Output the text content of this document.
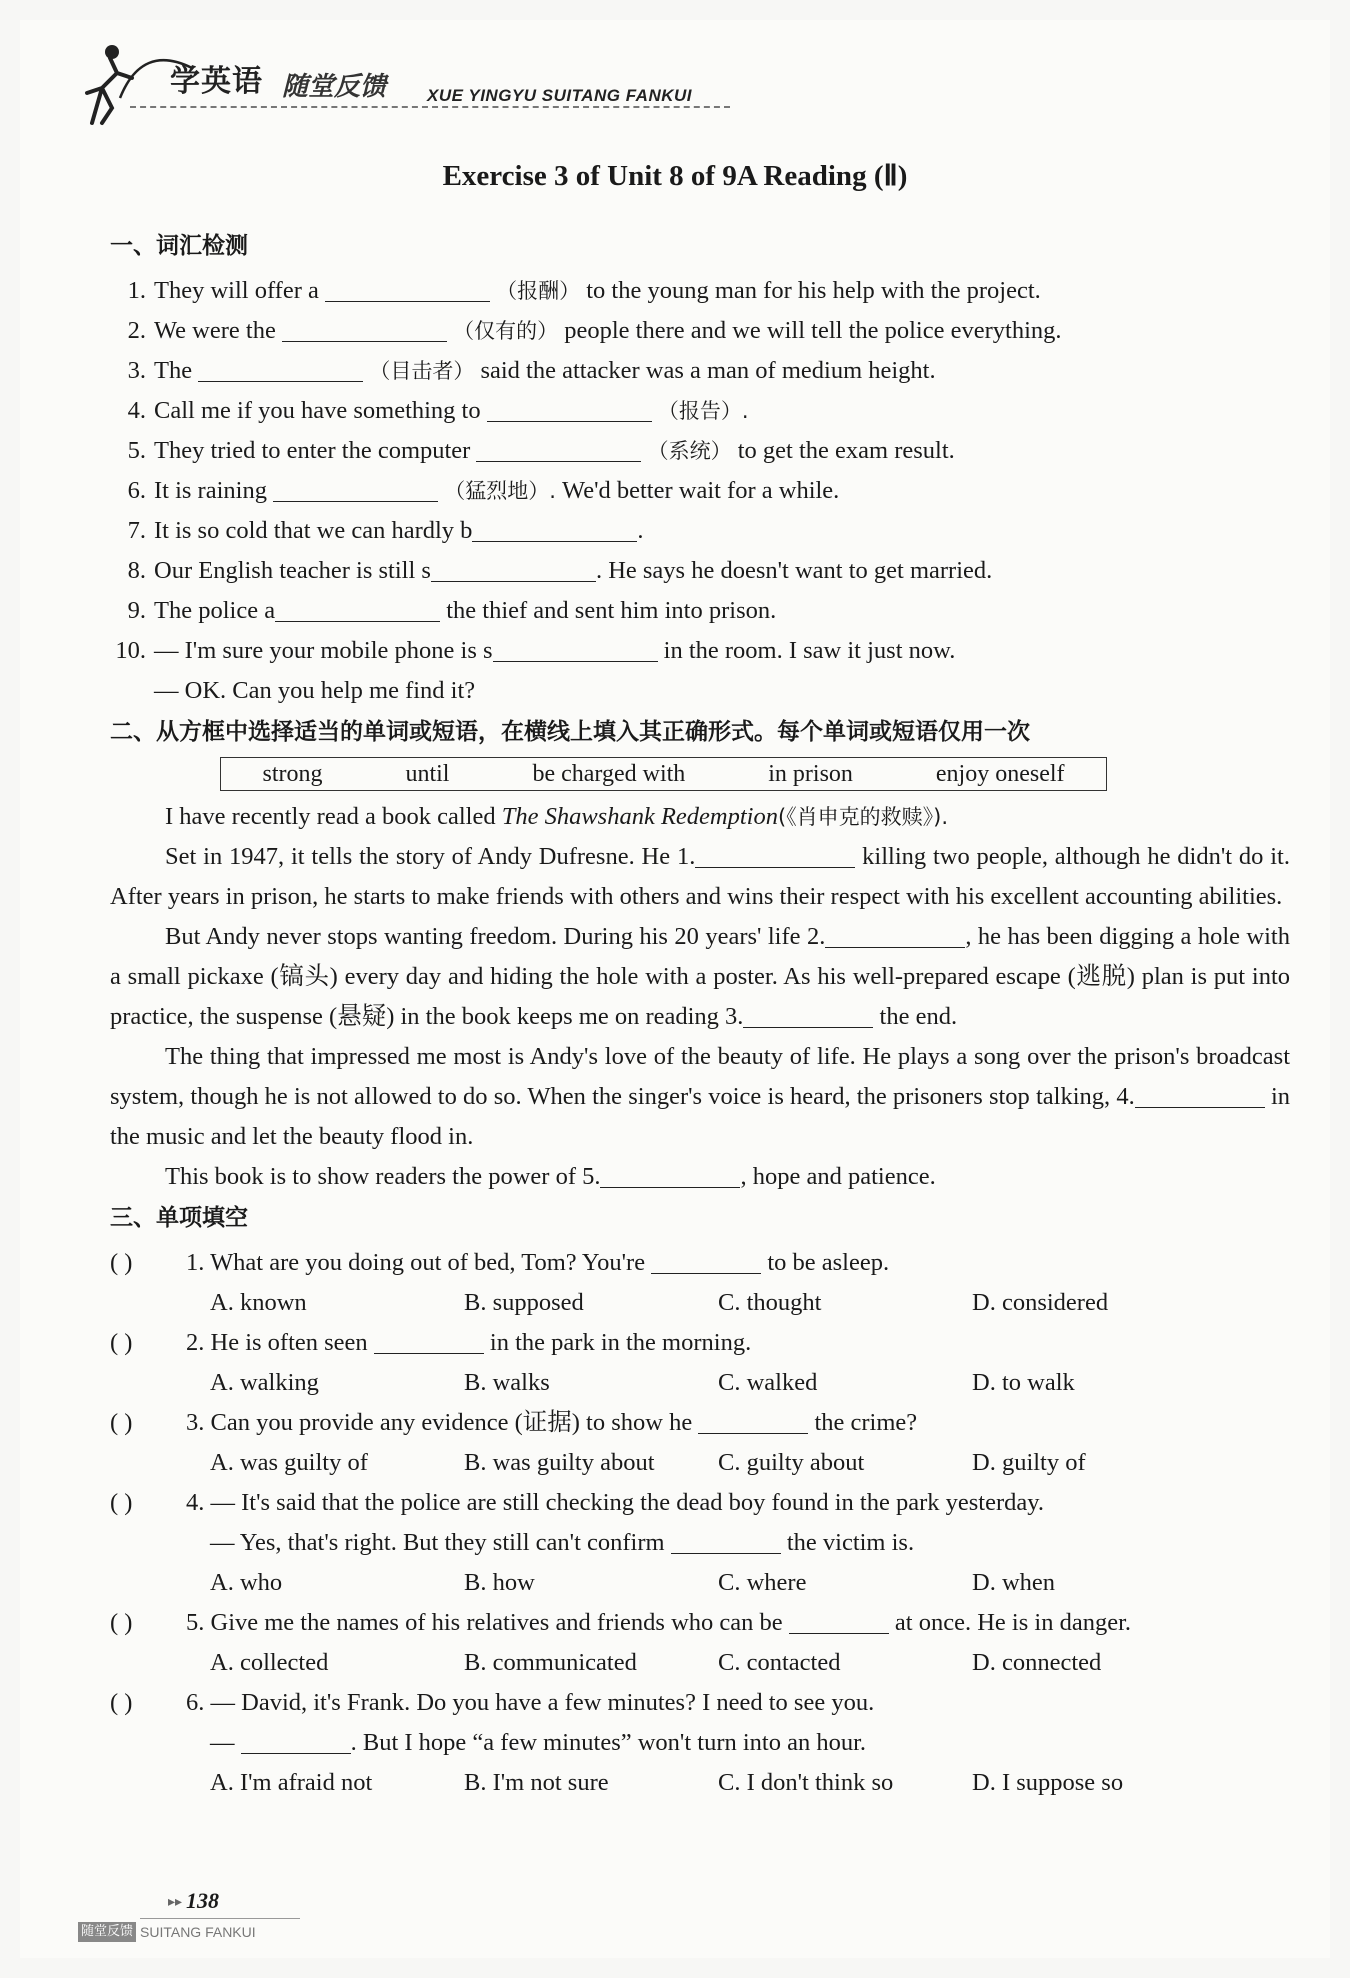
学英语 随堂反馈 XUE YINGYU SUITANG FANKUI
Exercise 3 of Unit 8 of 9A Reading (Ⅱ)
一、词汇检测
1. They will offer a	（报酬） to the young man for his help with the project.
2. We were the	（仅有的） people there and we will tell the police everything.
3. The	（目击者） said the attacker was a man of medium height.
4. Call me if you have something to	（报告）.
5. They tried to enter the computer	（系统） to get the exam result.
6. It is raining	（猛烈地）. We'd better wait for a while.
7. It is so cold that we can hardly b	.
8. Our English teacher is still s	. He says he doesn't want to get married.
9. The police a	the thief and sent him into prison.
10. — I'm sure your mobile phone is s	in the room. I saw it just now.
— OK. Can you help me find it?
二、从方框中选择适当的单词或短语，在横线上填入其正确形式。每个单词或短语仅用一次
strong	until	be charged with	in prison	enjoy oneself
I have recently read a book called The Shawshank Redemption(《肖申克的救赎》).
Set in 1947, it tells the story of Andy Dufresne. He 1.	killing two people, although he didn't do it. After years in prison, he starts to make friends with others and wins their respect with his excellent accounting abilities.
But Andy never stops wanting freedom. During his 20 years' life 2.	, he has been digging a hole with a small pickaxe (镐头) every day and hiding the hole with a poster. As his well-prepared escape (逃脱) plan is put into practice, the suspense (悬疑) in the book keeps me on reading 3.	the end.
The thing that impressed me most is Andy's love of the beauty of life. He plays a song over the prison's broadcast system, though he is not allowed to do so. When the singer's voice is heard, the prisoners stop talking, 4.	in the music and let the beauty flood in.
This book is to show readers the power of 5.	, hope and patience.
三、单项填空
( ) 1. What are you doing out of bed, Tom? You're	to be asleep.
A. known	B. supposed	C. thought	D. considered
( ) 2. He is often seen	in the park in the morning.
A. walking	B. walks	C. walked	D. to walk
( ) 3. Can you provide any evidence (证据) to show he	the crime?
A. was guilty of	B. was guilty about	C. guilty about	D. guilty of
( ) 4. — It's said that the police are still checking the dead boy found in the park yesterday.
— Yes, that's right. But they still can't confirm	the victim is.
A. who	B. how	C. where	D. when
( ) 5. Give me the names of his relatives and friends who can be	at once. He is in danger.
A. collected	B. communicated	C. contacted	D. connected
( ) 6. — David, it's Frank. Do you have a few minutes? I need to see you.
—	. But I hope “a few minutes” won't turn into an hour.
A. I'm afraid not	B. I'm not sure	C. I don't think so	D. I suppose so
▸▸ 138
随堂反馈 SUITANG FANKUI
